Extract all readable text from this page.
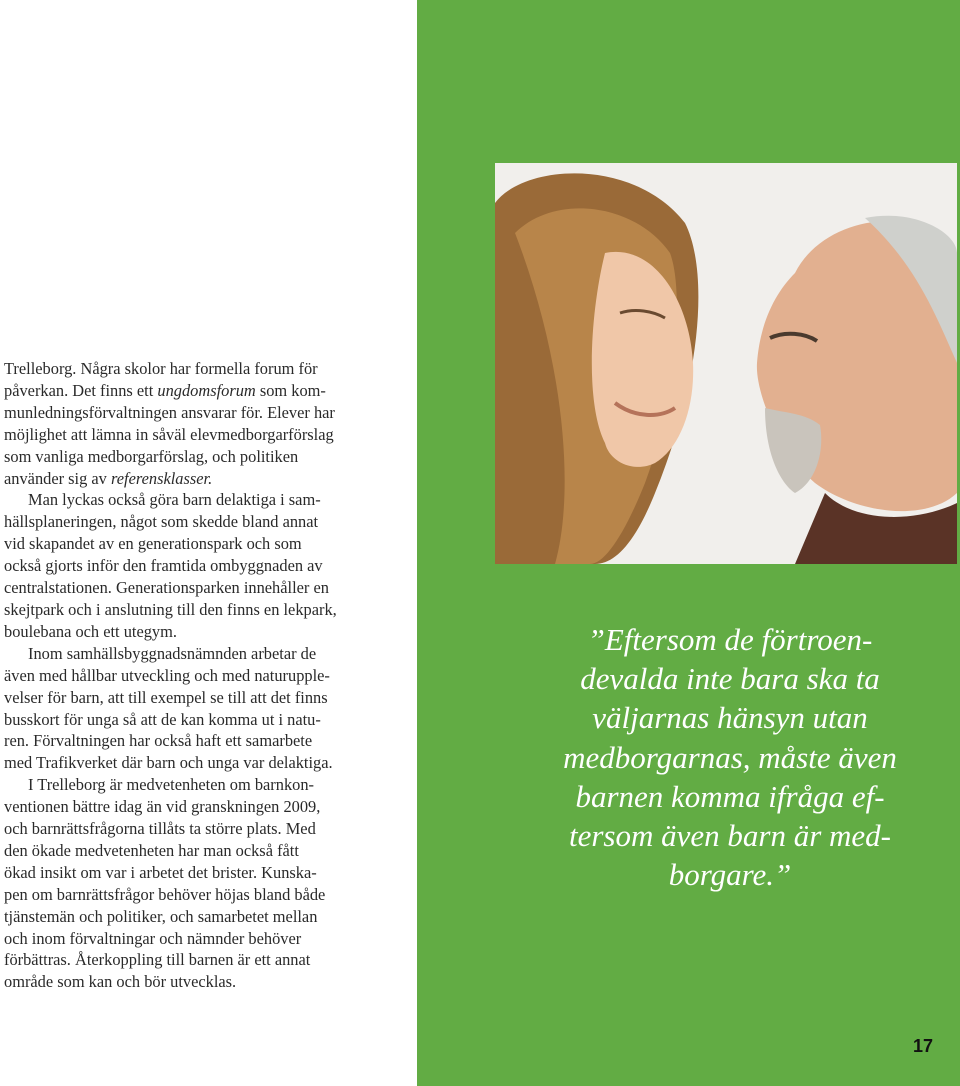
Trelleborg. Några skolor har formella forum för
påverkan. Det finns ett ungdomsforum som kom-
munledningsförvaltningen ansvarar för. Elever har
möjlighet att lämna in såväl elevmedborgarförslag
som vanliga medborgarförslag, och politiken
använder sig av referensklasser.
Man lyckas också göra barn delaktiga i sam-
hällsplaneringen, något som skedde bland annat
vid skapandet av en generationspark och som
också gjorts inför den framtida ombyggnaden av
centralstationen. Generationsparken innehåller en
skejtpark och i anslutning till den finns en lekpark,
boulebana och ett utegym.
Inom samhällsbyggnadsnämnden arbetar de
även med hållbar utveckling och med naturupple-
velser för barn, att till exempel se till att det finns
busskort för unga så att de kan komma ut i natu-
ren. Förvaltningen har också haft ett samarbete
med Trafikverket där barn och unga var delaktiga.
I Trelleborg är medvetenheten om barnkon-
ventionen bättre idag än vid granskningen 2009,
och barnrättsfrågorna tillåts ta större plats. Med
den ökade medvetenheten har man också fått
ökad insikt om var i arbetet det brister. Kunska-
pen om barnrättsfrågor behöver höjas bland både
tjänstemän och politiker, och samarbetet mellan
och inom förvaltningar och nämnder behöver
förbättras. Återkoppling till barnen är ett annat
område som kan och bör utvecklas.
”Eftersom de förtroen-
devalda inte bara ska ta
väljarnas hänsyn utan
medborgarnas, måste även
barnen komma ifråga ef-
tersom även barn är med-
borgare.”
17
